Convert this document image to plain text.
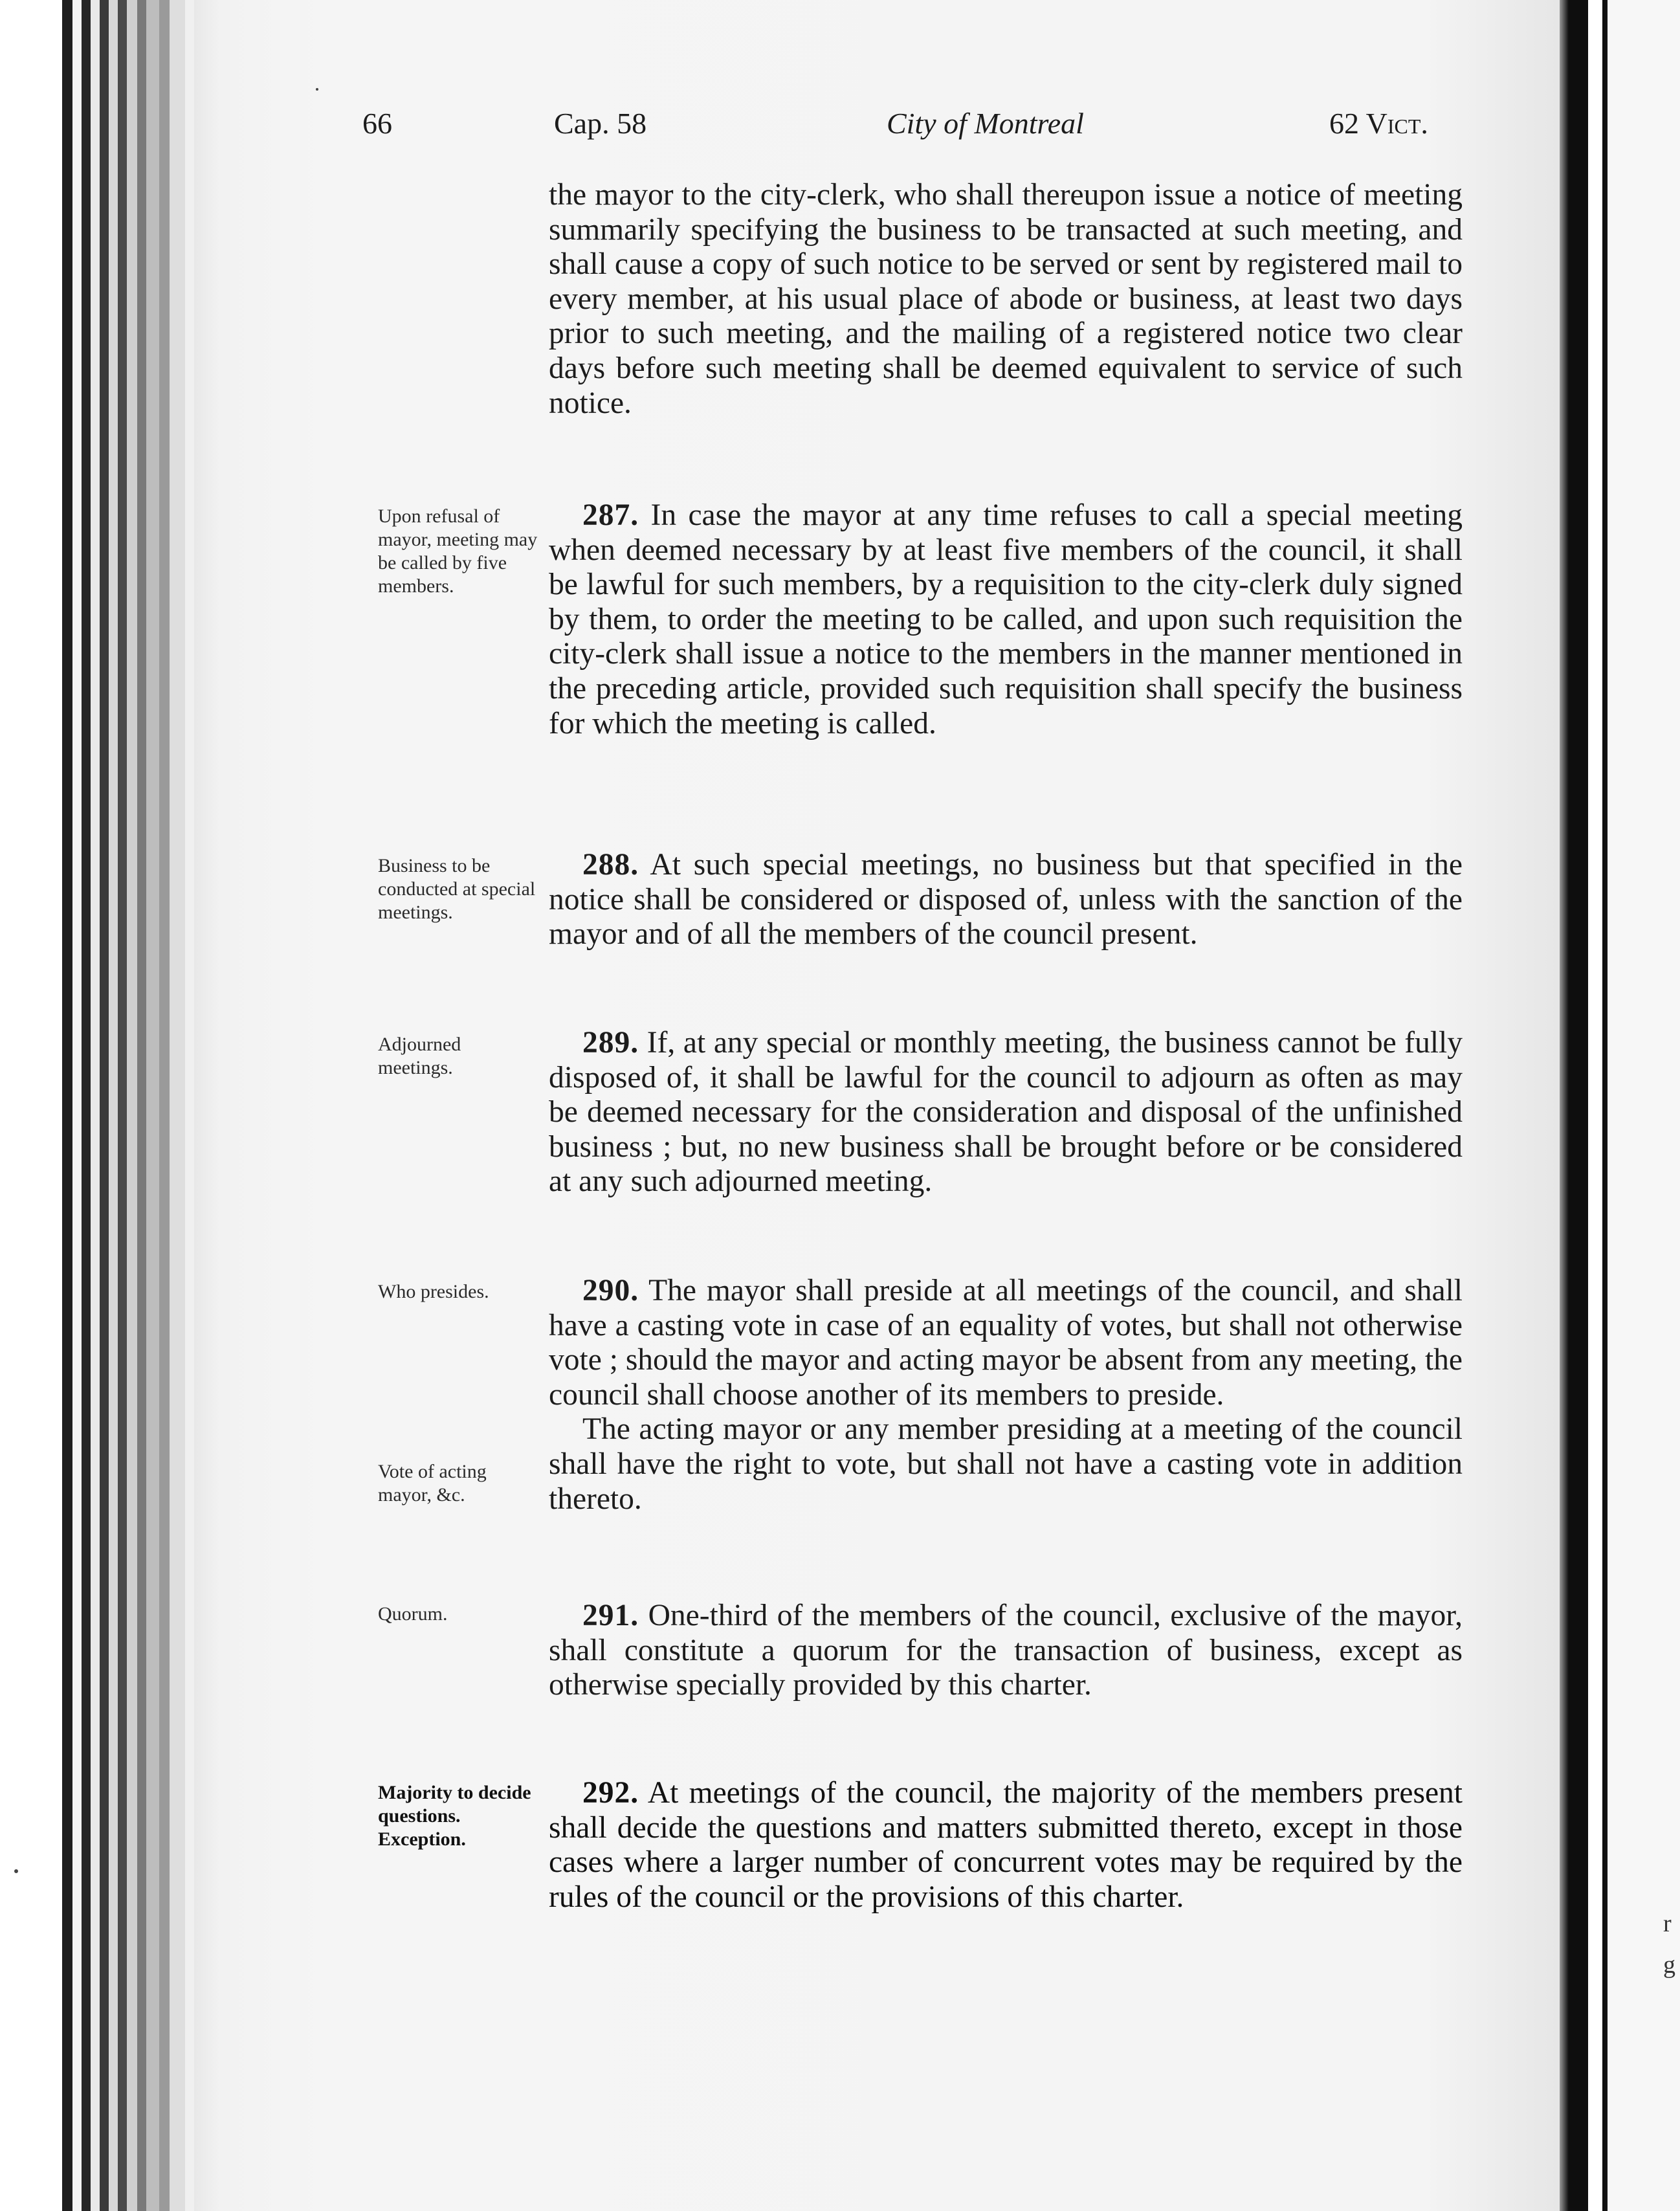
r
g
66	Cap. 58	City of Montreal	62 Vict.

the mayor to the city-clerk, who shall thereupon issue a notice of meeting summarily specifying the business to be transacted at such meeting, and shall cause a copy of such notice to be served or sent by registered mail to every member, at his usual place of abode or business, at least two days prior to such meeting, and the mailing of a registered notice two clear days before such meeting shall be deemed equivalent to service of such notice.

Upon refusal of mayor, meeting may be called by five members.

287. In case the mayor at any time refuses to call a special meeting when deemed necessary by at least five members of the council, it shall be lawful for such members, by a requisition to the city-clerk duly signed by them, to order the meeting to be called, and upon such requisition the city-clerk shall issue a notice to the members in the manner mentioned in the preceding article, provided such requisition shall specify the business for which the meeting is called.

Business to be conducted at special meetings.

288. At such special meetings, no business but that specified in the notice shall be considered or disposed of, unless with the sanction of the mayor and of all the members of the council present.

Adjourned meetings.

289. If, at any special or monthly meeting, the business cannot be fully disposed of, it shall be lawful for the council to adjourn as often as may be deemed necessary for the consideration and disposal of the unfinished business ; but, no new business shall be brought before or be considered at any such adjourned meeting.

Who presides.	290. The mayor shall preside at all meetings of the council, and shall have a casting vote in case of an equality of votes, but shall not otherwise vote ; should the mayor and acting mayor be absent from any meeting, the council shall choose another of its members to preside.

The acting mayor or any member presiding at a meeting of the council shall have the right to vote, but shall not have a casting vote in addition thereto.

Vote of acting mayor, &c.

Quorum.	291. One-third of the members of the council, exclusive of the mayor, shall constitute a quorum for the transaction of business, except as otherwise specially provided by this charter.

Majority to decide questions. Exception.

292. At meetings of the council, the majority of the members present shall decide the questions and matters submitted thereto, except in those cases where a larger number of concurrent votes may be required by the rules of the council or the provisions of this charter.
